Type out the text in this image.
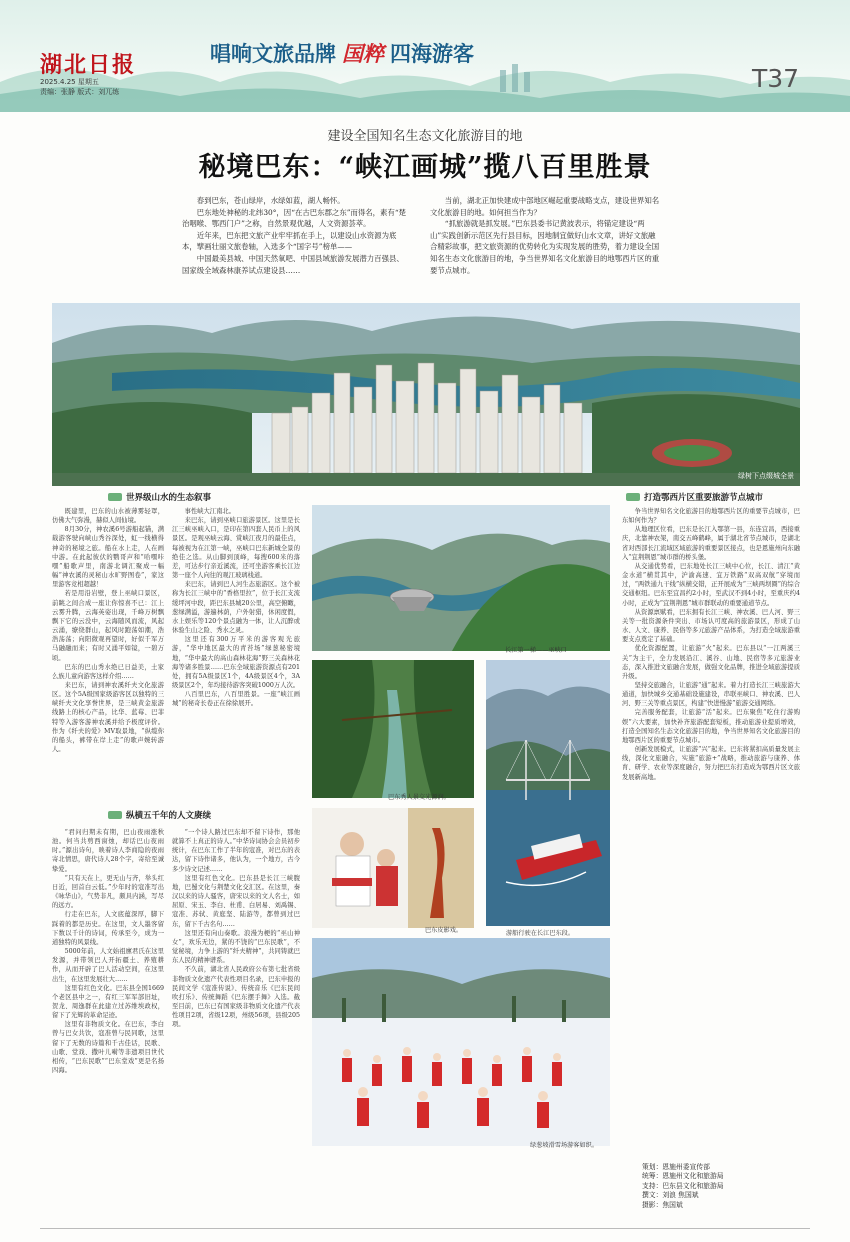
湖北日报
2025.4.25 星期五
责编：张静 版式：刘兀练
唱响文旅品牌 国粹 四海游客
T37
建设全国知名生态文化旅游目的地
秘境巴东：“峡江画城”揽八百里胜景

春到巴东，苍山绿岸，水绿如蓝，湖人畅怀。

巴东地处神秘的北纬30°，因“在古巴东郡之东”而得名，素有“楚治咽喉、鄂西门户”之称，自然景观优越，人文资源荟萃。

近年来，巴东把文旅产业牢牢抓在手上，以建设山水资源为底本，擘画壮丽文旅卷轴，入选多个“国字号”榜单——

中国最美县城、中国天然氧吧、中国县域旅游发展潜力百强县、国家级全域森林康养试点建设县……

当前，湖北正加快建成中部地区崛起重要战略支点，建设世界知名文化旅游目的地。如何担当作为？

“抓旅游就是抓发展。”巴东县委书记黄波表示，将锚定建设“两山”实践创新示范区先行县目标，因地制宜做好山水文章，讲好文旅融合精彩故事，把文旅资源的优势转化为实现发展的胜势，着力建设全国知名生态文化旅游目的地，争当世界知名文化旅游目的地鄂西片区的重要节点城市。

绿树下点缀城全景
世界级山水的生态叙事

既建里，巴东的山水被薄雾轻罩，仿佛大气弥漫，赫似人间仙境。

8月30分，神农溪6号游船起锚，满载游客驶向峡山秀谷深处，虹一线横得神奇的秘境之旅。船在水上走，人在画中游。在此起彼伏的鹦哥声和“哈嘿咔嘿”船歌声里，南游北调汇聚成一幅幅“神农溪的灵秘山水旷野图卷”，家这里游客竞相超越！

若是用沿岩壁，登上巫峡口景区，前眺之间合成一座让你惊喜不已：江上云雾升腾，云海英姿出现，千峰万树飘飘下它的云没中，云海随风而流，风起云涌，缭绕群山，起风时跑荡如潮，浩浩荡荡；向阳微观再望时，好似千军万马融融而来；有时又涌平如镜，一碧万顷。

巴东的巴山秀水绝已日益美，土家么族儿童向游客这样介绍……

来巴东，请到神农溪纤夫文化旅游区。这个5A级国家级游客区以独特的三峡纤夫文化享誉世界，是三峡黄金旅游线路上的核心产品，比华、蓝莓、巴菲特等入游客游神农溪并给予极度评价。作为《纤夫的爱》MV取景地，“纵缆你的船头，裤带在岸上走”的歌声婉转游人。

事性峡大江南北。

来巴东，请到巫峡口旅游景区。这里是长江三峡巫峡入口，是印在第四套人民币上的风景区。是观巫峡云海、赏峡江夜月的最佳点，每被视为在江第一峡，巫峡口巴东新城全景的绝佳之选。从山脚到顶峰，每搜600米的落差，可达步行亲近溪流，还可坐游客乘长江边第一座个人向往的观江玻璃栈道。

来巴东，请到巴人河生态旅游区。这个被称为长江三峡中的“香格里拉”，位于长江支流缓坪河中段，距巴东县城20公里，高空俯瞰，葱绿满溢，游遍林荫，户外射猎，休闲度假，水上娱乐等120个景点融为一体，让人沉醉或休验生山之险、秀水之灵。

这里还有300万平米的游客观光旅游，“华中地区最大的青苔场”绿葱秘密境地，“华中最大的高山森林花海”野三关森林花海等诸多胜景……巴东全域旅游资源点有201处，拥有5A级景区1个，4A级景区4个，3A级景区2个，年均接待游客突破1000万人次。

八百里巴东，八百里胜景。一座“峡江画城”的秘奇长卷正在徐徐展开。

纵横五千年的人文赓续

“君问归期未有期，巴山夜雨涨秋池。何当共剪西窗烛，却话巴山夜雨时。”源出诗句，映着诗人李商隐的夜雨寄北情思，唐代诗人28个字，寄给至诚挚爱。

“只有天在上，更无山与齐，举头红日近，回首白云低。”少年时的寇准写出《咏华山》，气势非凡，颇具内涵，写尽的远方。

行走在巴东，人文底蕴深厚，脚下踩着的都是历史。在这里，文人墨客留下数以千计的诗词，传承至今，成为一道独特的风景线。

5000年前，人文始祖廪君氏在这里发源，并带领巴人开拓疆土、养殖耕作，从而开辟了巴人活动空间，在这里出生，在这里发展壮大……

这里有红色文化。巴东县全国1669个老区县中之一，有红三军军部旧址，贺龙、周逸群在此建立过苏维埃政权，留下了光辉的革命足迹。

这里有非物质文化。在巴东，李白曾与巴女共饮，寇准曾与民同歌，这里留下了无数的诗篇和千古佳话，民歌、山歌、堂戏、撒叶儿嗬等非遗项目世代相传，“巴东民歌”“巴东堂戏”更是名扬四海。

“一个诗人路过巴东却不留下诗作，那他就算不上真正的诗人。”中华诗词协会会员初步统计，在巴东工作了半年的寇准，对巴东的表达，留下诗作诸多，他认为，一个地方，古今多少诗文记述……

这里有红色文化。巴东县是长江三峡腹地，巴蜀文化与荆楚文化交汇区。在这里，秦汉以来的诗人骚客，唐宋以来的文人名士，如屈原、宋玉、李白、杜甫、白居易、刘禹锡、寇准、苏轼、黄庭坚、陆游等，都曾到过巴东，留下千古名句……

这里还有向山奏歌。浪漫为梗的“巫山神女”，欢乐无边，紧的不饶的“巴东民歌”，不觉秘境，力争上游的“纤夫精神”，共同铸就巴东人民的精神谱系。

不久前，湖北省人民政府公布第七批省级非物质文化遗产代表性项目名录，巴东申报的民间文学《寇准传说》、传统音乐《巴东民间吹打乐》、传统舞蹈《巴东摆手舞》入选。截至目前，巴东已有国家级非物质文化遗产代表性项目2项，省级12项，州级56项，县级205项。

长江第一梯——巫峡口
巴东秀人景交光源润。
巴东皮影戏。	游船行驶在长江巴东段。
绿葱坡滑雪场游客如织。
打造鄂西片区重要旅游节点城市

争当世界知名文化旅游目的地鄂西片区的重要节点城市，巴东如何作为？

从地理区位看，巴东是长江入鄂第一县，东连宜昌，西接重庆，北靠神农架，南交五峰鹤峰，属于湖北省节点城市，是湖北省对西部长江流域区域旅游的重要景区接点，也是恩施州向东融入“宜荆荆恩”城市群的桥头堡。

从交通优势看，巴东地处长江三峡中心位，长江、清江“黄金水道”横贯其中，沪渝高速、宜万铁路“双高双航”穿境而过，“两铁通九干线”纵横交错，正开展成为“三峡两坝圈”的综合交通枢纽。巴东至宜昌约2小时，至武汉不到4小时，至重庆约4小时，正成为“宜荆荆恩”城市群联动的重要通道节点。

从资源禀赋看，巴东拥有长江三峡、神农溪、巴人河、野三关等一批资源条件突出、市场认可度高的旅游景区，形成了山水、人文、康养、民俗等多元旅游产品体系，为打造全域旅游重要支点奠定了基础。

优化资源配置，让旅游“火”起来。巴东县以“一江两溪三关”为主干，全力发展沿江、溪谷、山地、民宿等多元旅游业态，深入推进文旅融合发展，做强文化品牌，推进全域旅游提质升级。

坚持交旅融合，让旅游“通”起来。着力打造长江三峡旅游大通道，加快城乡交通基础设施建设，串联巫峡口、神农溪、巴人河、野三关等重点景区，构建“快进慢游”旅游交通网络。

完善服务配套，让旅游“活”起来。巴东聚焦“吃住行游购娱”六大要素，加快补齐旅游配套短板，推动旅游业提质增效，打造全国知名生态文化旅游目的地，争当世界知名文化旅游目的地鄂西片区的重要节点城市。

创新发展模式，让旅游“兴”起来。巴东将紧扣高质量发展主线，深化文旅融合，实施“旅游+”战略，推动旅游与康养、体育、研学、农业等深度融合，努力把巴东打造成为鄂西片区文旅发展新高地。

策划：恩施州委宣传部
统筹：恩施州文化和旅游局
支持：巴东县文化和旅游局
撰文：刘浪 焦国斌
摄影：焦国斌
